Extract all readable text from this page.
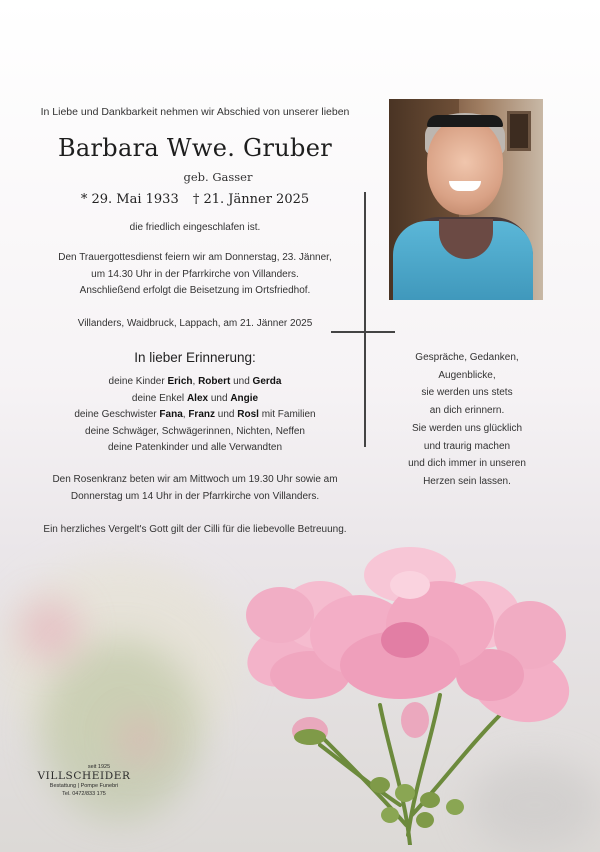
In Liebe und Dankbarkeit nehmen wir Abschied von unserer lieben
Barbara Wwe. Gruber
geb. Gasser
* 29. Mai 1933 † 21. Jänner 2025
die friedlich eingeschlafen ist.
Den Trauergottesdienst feiern wir am Donnerstag, 23. Jänner,
um 14.30 Uhr in der Pfarrkirche von Villanders.
Anschließend erfolgt die Beisetzung im Ortsfriedhof.
Villanders, Waidbruck, Lappach, am 21. Jänner 2025
In lieber Erinnerung:
deine Kinder Erich, Robert und Gerda
deine Enkel Alex und Angie
deine Geschwister Fana, Franz und Rosl mit Familien
deine Schwäger, Schwägerinnen, Nichten, Neffen
deine Patenkinder und alle Verwandten
Den Rosenkranz beten wir am Mittwoch um 19.30 Uhr sowie am
Donnerstag um 14 Uhr in der Pfarrkirche von Villanders.
Ein herzliches Vergelt's Gott gilt der Cilli für die liebevolle Betreuung.
Gespräche, Gedanken,
Augenblicke,
sie werden uns stets
an dich erinnern.
Sie werden uns glücklich
und traurig machen
und dich immer in unseren
Herzen sein lassen.
seit 1925
VILLSCHEIDER
Bestattung | Pompe Funebri
Tel. 0472/833 175
